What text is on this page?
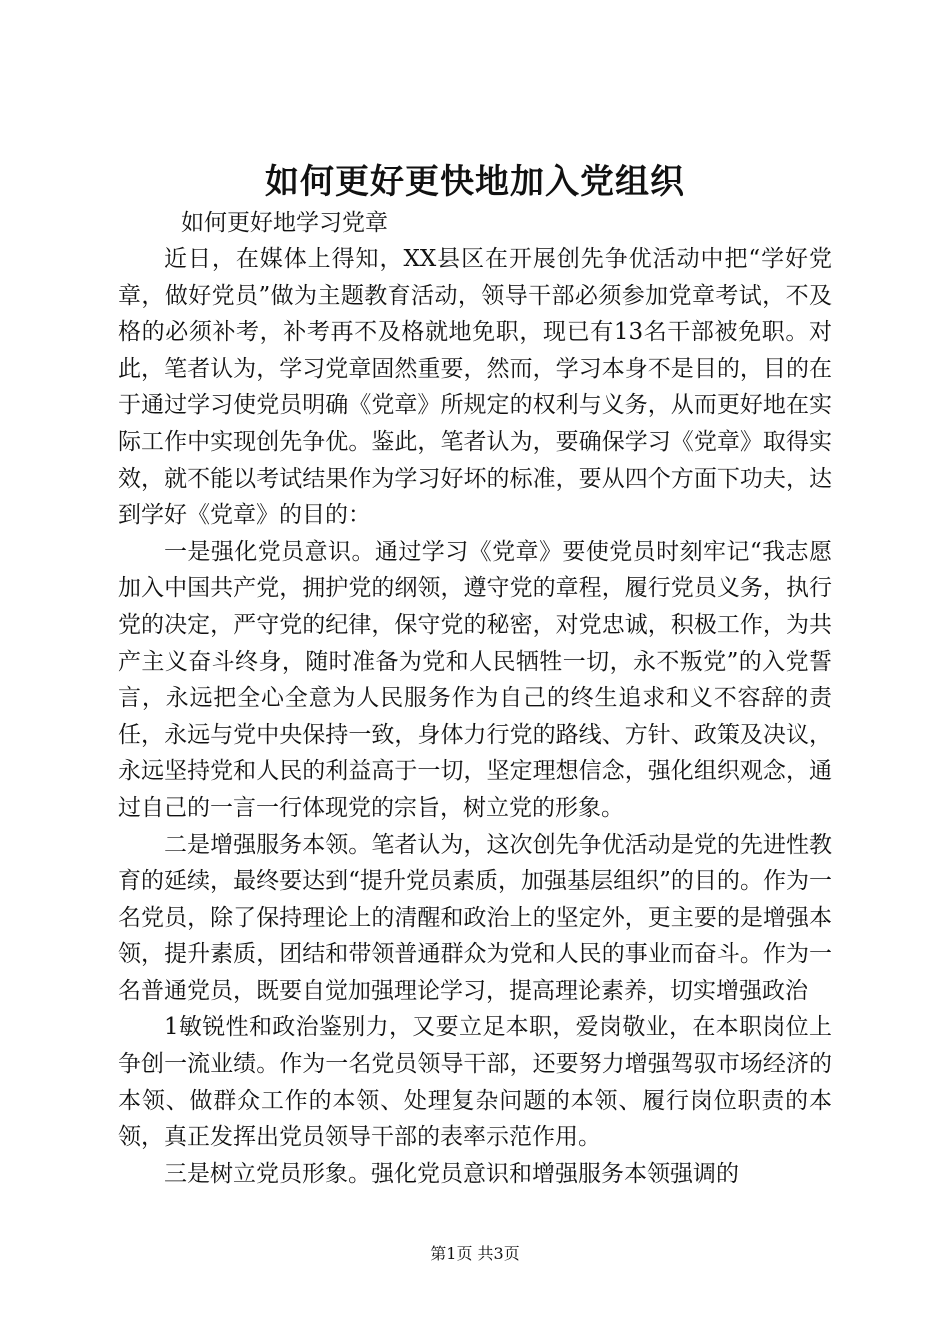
如何更好更快地加入党组织

如何更好地学习党章

近日，在媒体上得知，XX县区在开展创先争优活动中把“学好党章，做好党员”做为主题教育活动，领导干部必须参加党章考试，不及格的必须补考，补考再不及格就地免职，现已有13名干部被免职。对此，笔者认为，学习党章固然重要，然而，学习本身不是目的，目的在于通过学习使党员明确《党章》所规定的权利与义务，从而更好地在实际工作中实现创先争优。鉴此，笔者认为，要确保学习《党章》取得实效，就不能以考试结果作为学习好坏的标准，要从四个方面下功夫，达到学好《党章》的目的：

一是强化党员意识。通过学习《党章》要使党员时刻牢记“我志愿加入中国共产党，拥护党的纲领，遵守党的章程，履行党员义务，执行党的决定，严守党的纪律，保守党的秘密，对党忠诚，积极工作，为共产主义奋斗终身，随时准备为党和人民牺牲一切，永不叛党”的入党誓言，永远把全心全意为人民服务作为自己的终生追求和义不容辞的责任，永远与党中央保持一致，身体力行党的路线、方针、政策及决议，永远坚持党和人民的利益高于一切，坚定理想信念，强化组织观念，通过自己的一言一行体现党的宗旨，树立党的形象。

二是增强服务本领。笔者认为，这次创先争优活动是党的先进性教育的延续，最终要达到“提升党员素质，加强基层组织”的目的。作为一名党员，除了保持理论上的清醒和政治上的坚定外，更主要的是增强本领，提升素质，团结和带领普通群众为党和人民的事业而奋斗。作为一名普通党员，既要自觉加强理论学习，提高理论素养，切实增强政治

1敏锐性和政治鉴别力，又要立足本职，爱岗敬业，在本职岗位上争创一流业绩。作为一名党员领导干部，还要努力增强驾驭市场经济的本领、做群众工作的本领、处理复杂问题的本领、履行岗位职责的本领，真正发挥出党员领导干部的表率示范作用。

三是树立党员形象。强化党员意识和增强服务本领强调的

第1页 共3页
